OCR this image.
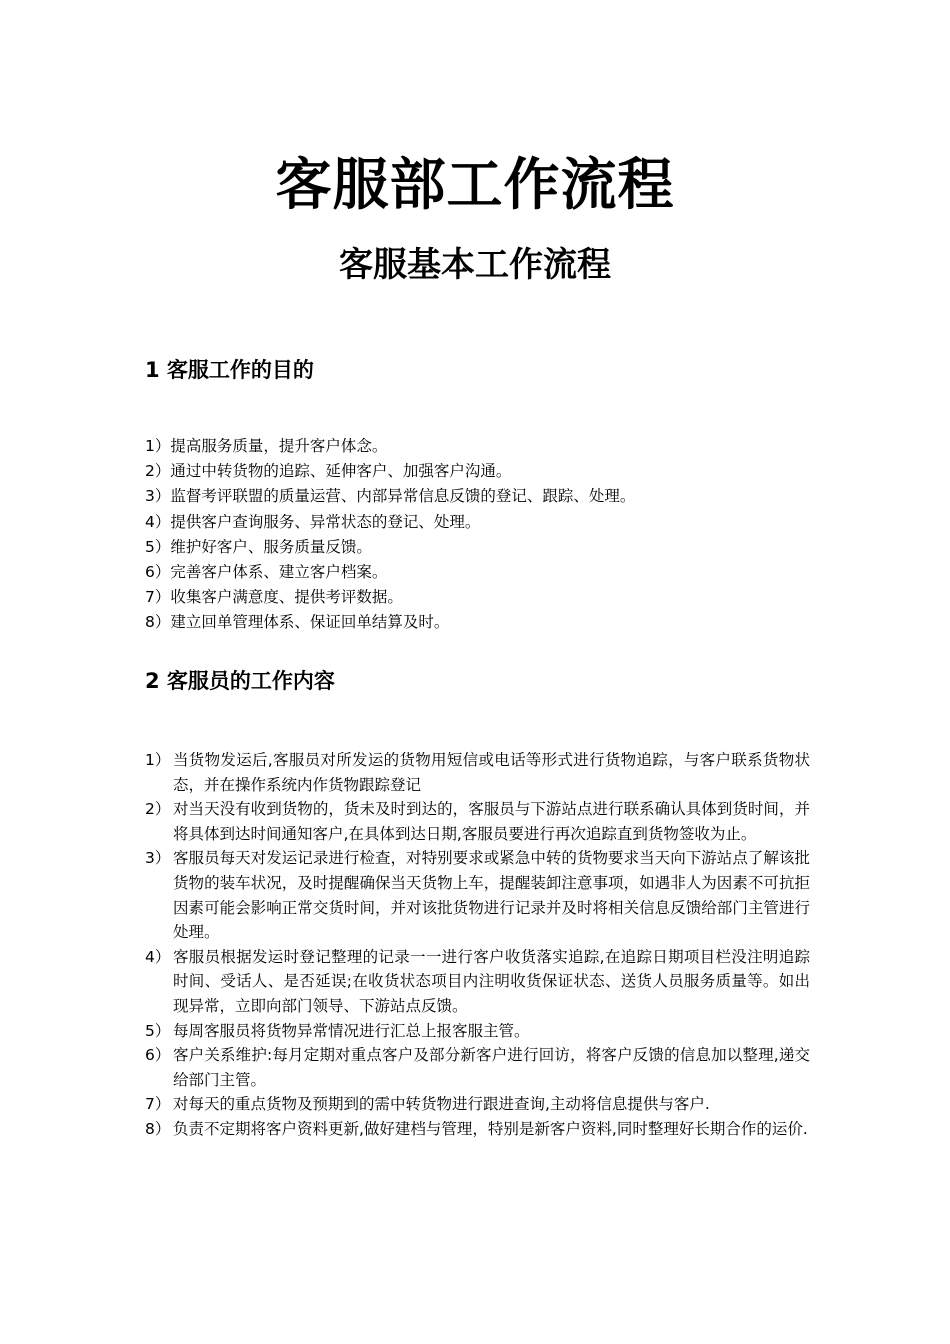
客服部工作流程
客服基本工作流程
1 客服工作的目的
1）提高服务质量，提升客户体念。
2）通过中转货物的追踪、延伸客户、加强客户沟通。
3）监督考评联盟的质量运营、内部异常信息反馈的登记、跟踪、处理。
4）提供客户查询服务、异常状态的登记、处理。
5）维护好客户、服务质量反馈。
6）完善客户体系、建立客户档案。
7）收集客户满意度、提供考评数据。
8）建立回单管理体系、保证回单结算及时。
2 客服员的工作内容
1） 当货物发运后,客服员对所发运的货物用短信或电话等形式进行货物追踪，与客户联系货物状态，并在操作系统内作货物跟踪登记
2） 对当天没有收到货物的，货未及时到达的，客服员与下游站点进行联系确认具体到货时间，并将具体到达时间通知客户,在具体到达日期,客服员要进行再次追踪直到货物签收为止。
3） 客服员每天对发运记录进行检查，对特别要求或紧急中转的货物要求当天向下游站点了解该批货物的装车状况，及时提醒确保当天货物上车，提醒装卸注意事项，如遇非人为因素不可抗拒因素可能会影响正常交货时间，并对该批货物进行记录并及时将相关信息反馈给部门主管进行处理。
4） 客服员根据发运时登记整理的记录一一进行客户收货落实追踪,在追踪日期项目栏没注明追踪时间、受话人、是否延误;在收货状态项目内注明收货保证状态、送货人员服务质量等。如出现异常，立即向部门领导、下游站点反馈。
5） 每周客服员将货物异常情况进行汇总上报客服主管。
6） 客户关系维护:每月定期对重点客户及部分新客户进行回访，将客户反馈的信息加以整理,递交给部门主管。
7） 对每天的重点货物及预期到的需中转货物进行跟进查询,主动将信息提供与客户.
8） 负责不定期将客户资料更新,做好建档与管理，特别是新客户资料,同时整理好长期合作的运价.
